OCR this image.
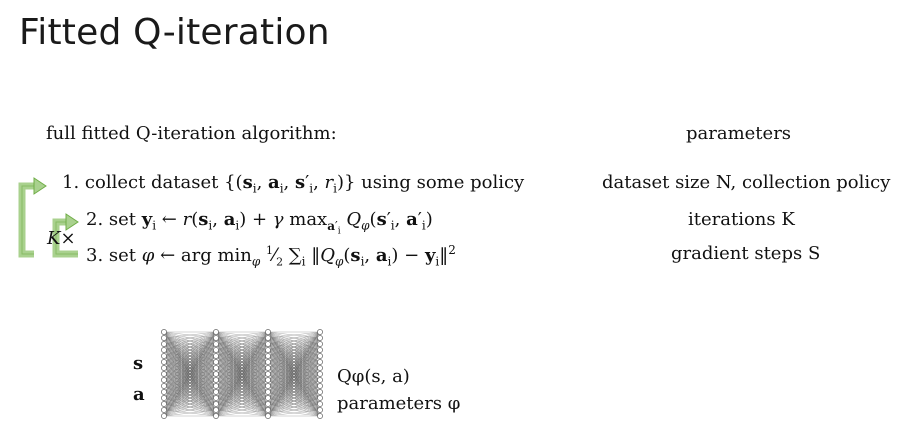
Fitted Q-iteration
full fitted Q-iteration algorithm:	parameters
1. collect dataset {($s_i$, $a_i$, $s'_i$, $r_i$)} using some policy
2. set $y_i$ ← $r(s_i$, $a_i) + \gamma$ $\max_{a'_i} Q_\varphi(s'_i$, $a'_i$)
3. set φ ← arg $\min_\varphi$ $^1⁄_2$ $\sum_i$ $‖Q_\varphi(s_i$, $a_i$) − $y_i‖^2$
K×
dataset size N, collection policy
iterations K
gradient steps S
s
a
Qφ(s, a)
parameters φ
